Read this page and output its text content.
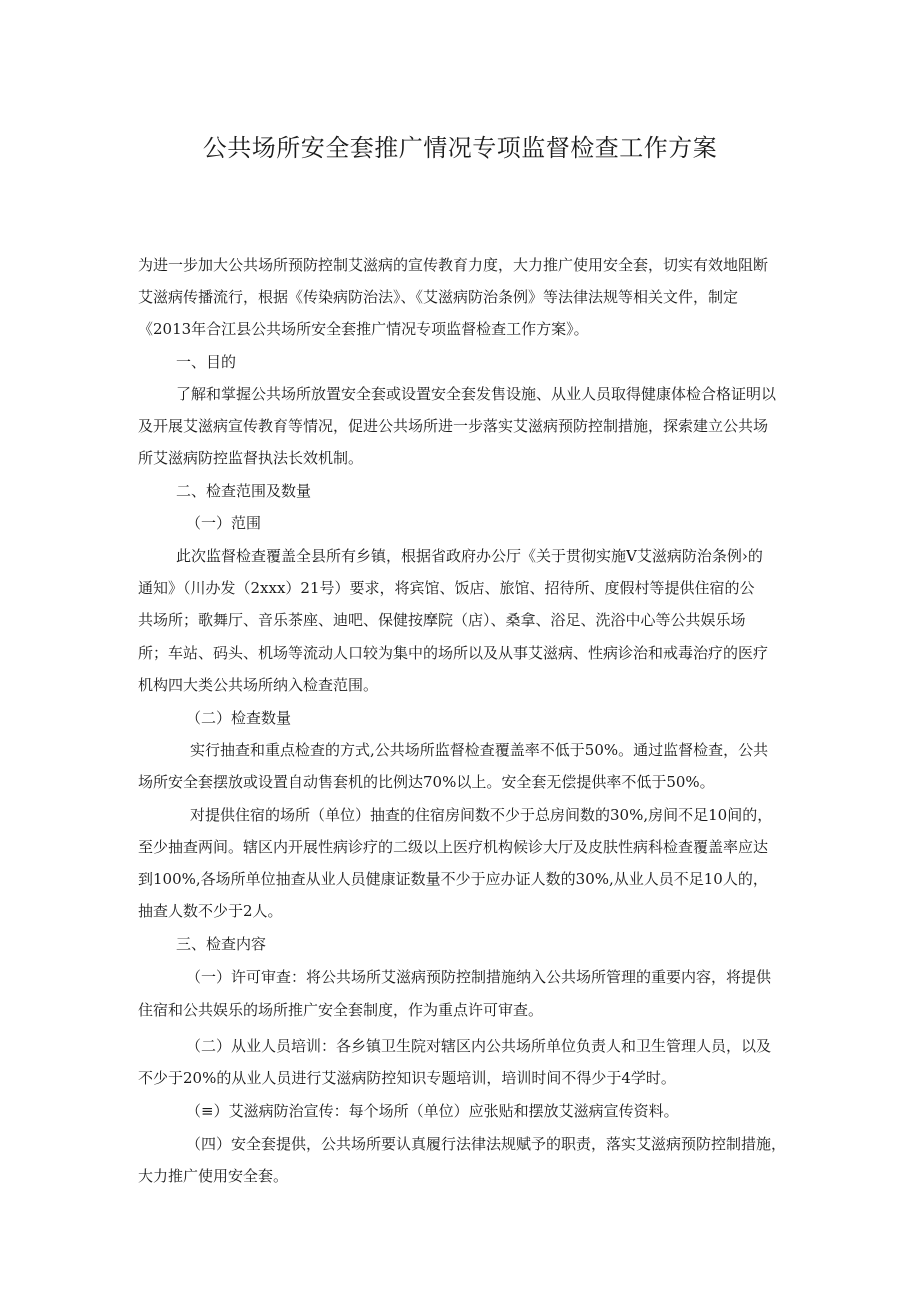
公共场所安全套推广情况专项监督检查工作方案
为进一步加大公共场所预防控制艾滋病的宣传教育力度，大力推广使用安全套，切实有效地阻断
艾滋病传播流行，根据《传染病防治法》、《艾滋病防治条例》等法律法规等相关文件，制定
《2013年合江县公共场所安全套推广情况专项监督检查工作方案》。
一、目的
了解和掌握公共场所放置安全套或设置安全套发售设施、从业人员取得健康体检合格证明以
及开展艾滋病宣传教育等情况，促进公共场所进一步落实艾滋病预防控制措施，探索建立公共场
所艾滋病防控监督执法长效机制。
二、检查范围及数量
（一）范围
此次监督检查覆盖全县所有乡镇，根据省政府办公厅《关于贯彻实施V艾滋病防治条例›的
通知》（川办发（2xxx）21号）要求，将宾馆、饭店、旅馆、招待所、度假村等提供住宿的公
共场所；歌舞厅、音乐茶座、迪吧、保健按摩院（店）、桑拿、浴足、洗浴中心等公共娱乐场
所；车站、码头、机场等流动人口较为集中的场所以及从事艾滋病、性病诊治和戒毒治疗的医疗
机构四大类公共场所纳入检查范围。
（二）检查数量
实行抽查和重点检查的方式,公共场所监督检查覆盖率不低于50%。通过监督检查，公共
场所安全套摆放或设置自动售套机的比例达70%以上。安全套无偿提供率不低于50%。
对提供住宿的场所（单位）抽查的住宿房间数不少于总房间数的30%,房间不足10间的，
至少抽查两间。辖区内开展性病诊疗的二级以上医疗机构候诊大厅及皮肤性病科检查覆盖率应达
到100%,各场所单位抽查从业人员健康证数量不少于应办证人数的30%,从业人员不足10人的，
抽查人数不少于2人。
三、检查内容
（一）许可审查：将公共场所艾滋病预防控制措施纳入公共场所管理的重要内容，将提供
住宿和公共娱乐的场所推广安全套制度，作为重点许可审查。
（二）从业人员培训：各乡镇卫生院对辖区内公共场所单位负责人和卫生管理人员，以及
不少于20%的从业人员进行艾滋病防控知识专题培训，培训时间不得少于4学时。
（≡）艾滋病防治宣传：每个场所（单位）应张贴和摆放艾滋病宣传资料。
（四）安全套提供，公共场所要认真履行法律法规赋予的职责，落实艾滋病预防控制措施，
大力推广使用安全套。
